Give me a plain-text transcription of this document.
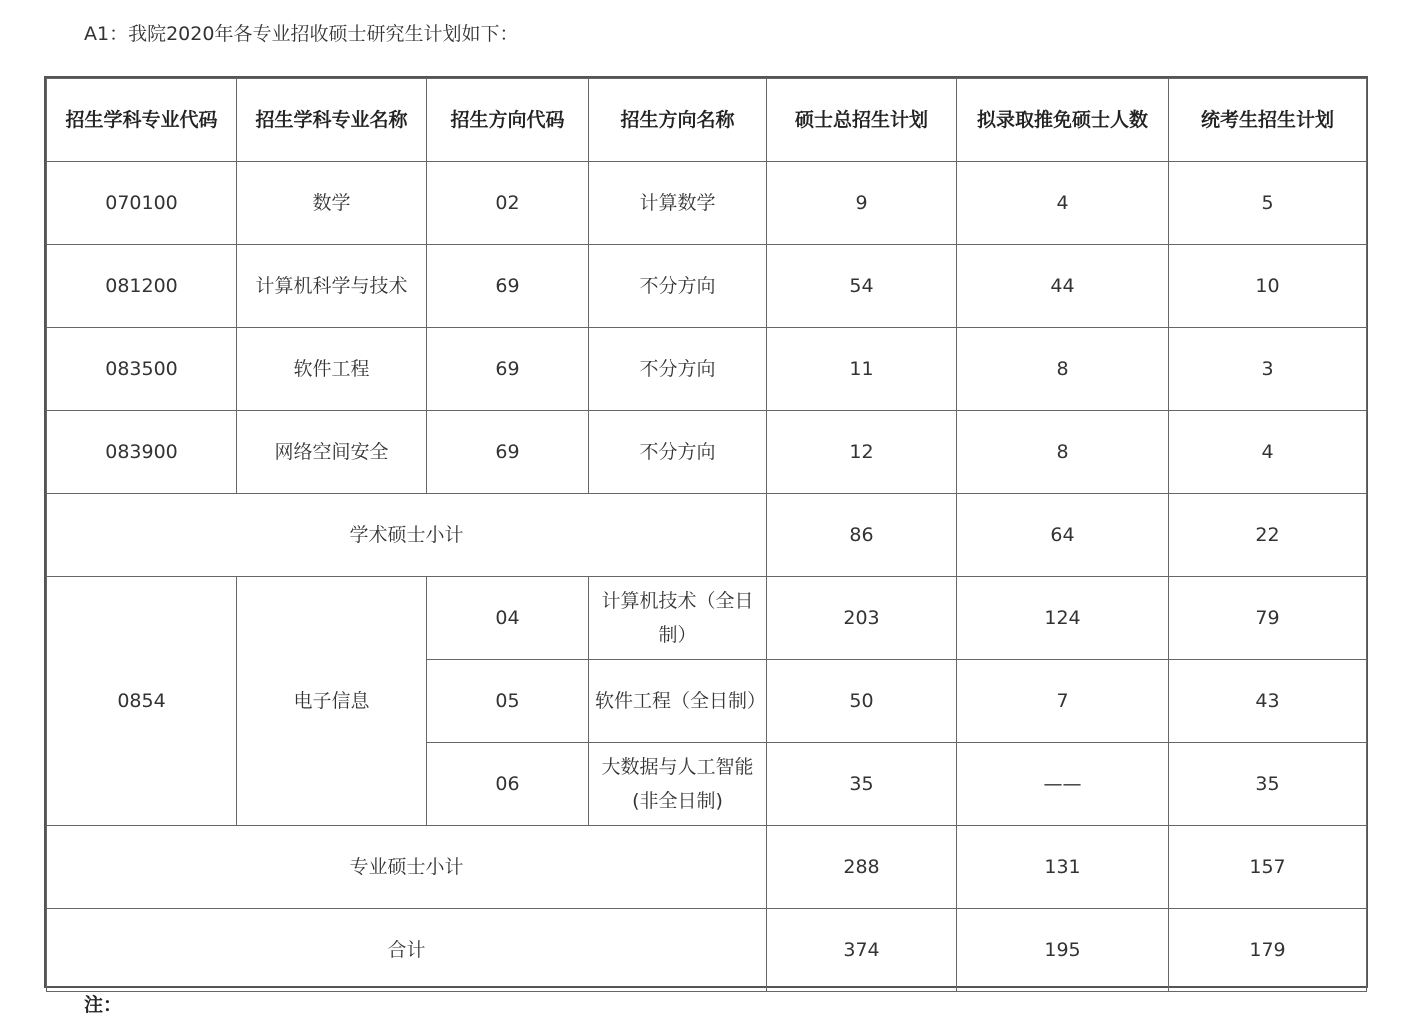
A1：我院2020年各专业招收硕士研究生计划如下：
招生学科专业代码	招生学科专业名称	招生方向代码	招生方向名称	硕士总招生计划	拟录取推免硕士人数	统考生招生计划
070100	数学	02	计算数学	9	4	5
081200	计算机科学与技术	69	不分方向	54	44	10
083500	软件工程	69	不分方向	11	8	3
083900	网络空间安全	69	不分方向	12	8	4
学术硕士小计				86	64	22
0854	电子信息	04	计算机技术（全日制）	203	124	79
		05	软件工程（全日制）	50	7	43
		06	大数据与人工智能(非全日制)	35	——	35
专业硕士小计				288	131	157
合计				374	195	179
注：
